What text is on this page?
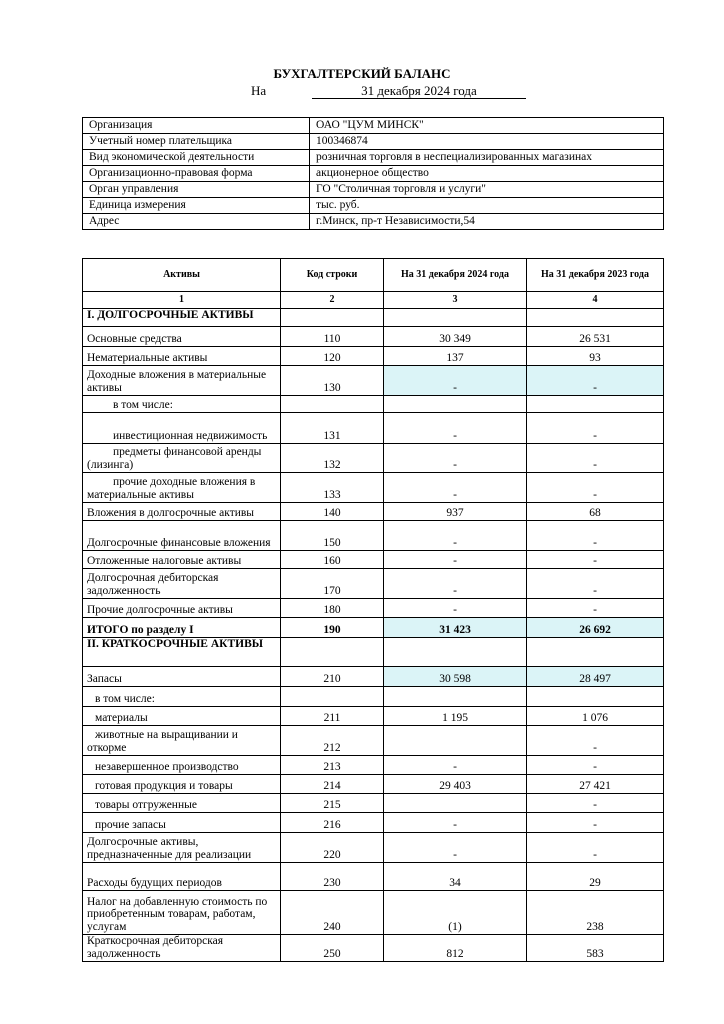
БУХГАЛТЕРСКИЙ БАЛАНС
На	31 декабря 2024 года
Организация	ОАО "ЦУМ МИНСК"
Учетный номер плательщика	100346874
Вид экономической деятельности	розничная торговля в неспециализированных магазинах
Организационно-правовая форма	акционерное общество
Орган управления	ГО "Столичная торговля и услуги"
Единица измерения	тыс. руб.
Адрес	г.Минск, пр-т Независимости,54
Активы	Код строки	На 31 декабря 2024 года	На 31 декабря 2023 года
1	2	3	4
I. ДОЛГОСРОЧНЫЕ АКТИВЫ			
Основные средства	110	30 349	26 531
Нематериальные активы	120	137	93
Доходные вложения в материальные активы	130	-	-
в том числе:			
инвестиционная недвижимость	131	-	-
предметы финансовой аренды (лизинга)	132	-	-
прочие доходные вложения в материальные активы	133	-	-
Вложения в долгосрочные активы	140	937	68
Долгосрочные финансовые вложения	150	-	-
Отложенные налоговые активы	160	-	-
Долгосрочная дебиторская задолженность	170	-	-
Прочие долгосрочные активы	180	-	-
ИТОГО по разделу I	190	31 423	26 692
II. КРАТКОСРОЧНЫЕ АКТИВЫ			
Запасы	210	30 598	28 497
в том числе:			
материалы	211	1 195	1 076
животные на выращивании и откорме	212		-
незавершенное производство	213	-	-
готовая продукция и товары	214	29 403	27 421
товары отгруженные	215		-
прочие запасы	216	-	-
Долгосрочные активы, предназначенные для реализации	220	-	-
Расходы будущих периодов	230	34	29
Налог на добавленную стоимость по приобретенным товарам, работам, услугам	240	(1)	238
Краткосрочная дебиторская задолженность	250	812	583
